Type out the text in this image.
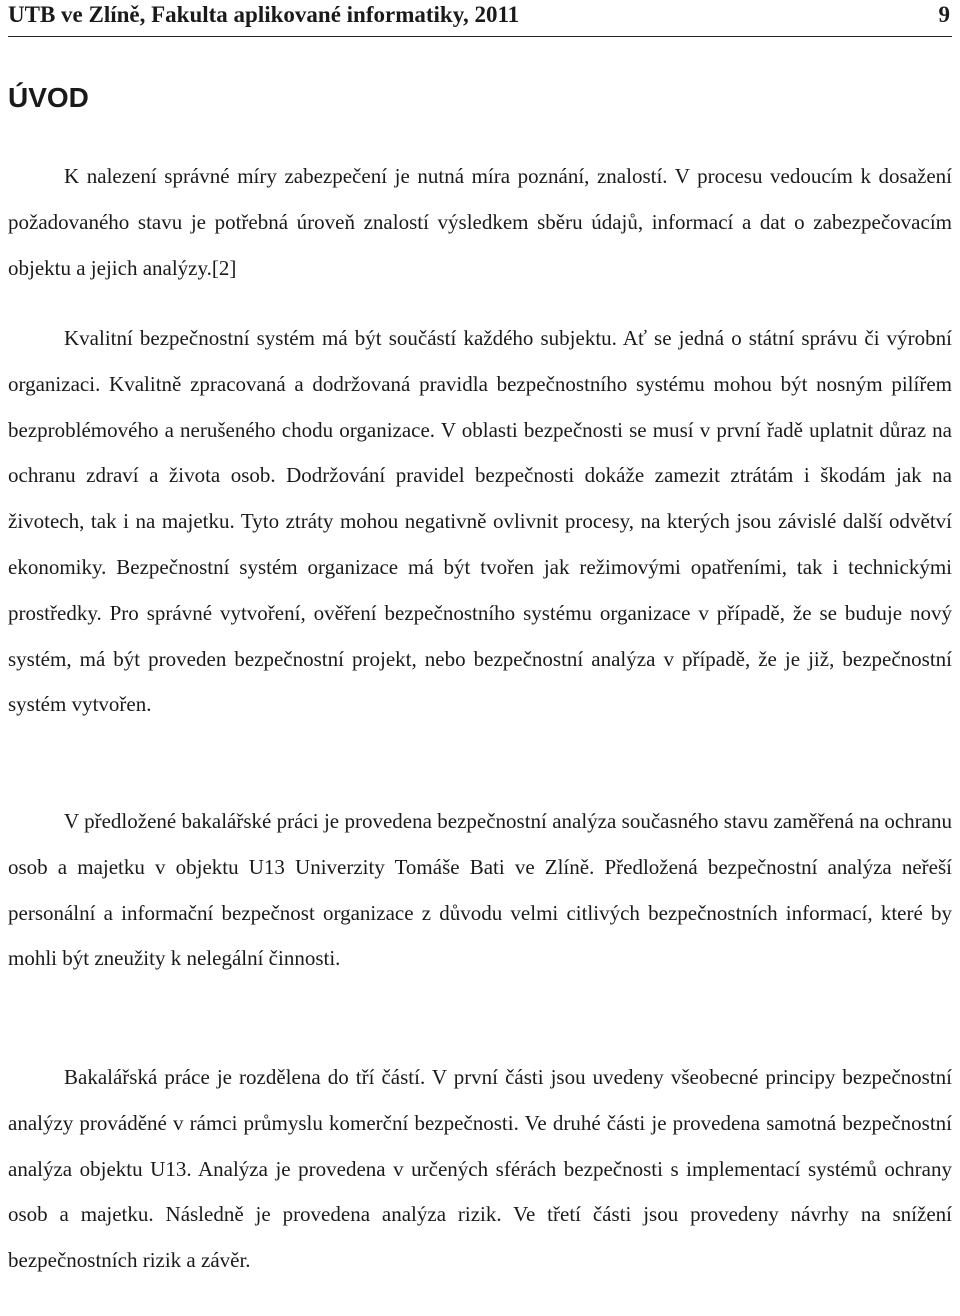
UTB ve Zlíně, Fakulta aplikované informatiky, 2011	9
ÚVOD

K nalezení správné míry zabezpečení je nutná míra poznání, znalostí. V procesu vedoucím k dosažení požadovaného stavu je potřebná úroveň znalostí výsledkem sběru údajů, informací a dat o zabezpečovacím objektu a jejich analýzy.[2]

Kvalitní bezpečnostní systém má být součástí každého subjektu. Ať se jedná o státní správu či výrobní organizaci. Kvalitně zpracovaná a dodržovaná pravidla bezpečnostního systému mohou být nosným pilířem bezproblémového a nerušeného chodu organizace. V oblasti bezpečnosti se musí v první řadě uplatnit důraz na ochranu zdraví a života osob. Dodržování pravidel bezpečnosti dokáže zamezit ztrátám i škodám jak na životech, tak i na majetku. Tyto ztráty mohou negativně ovlivnit procesy, na kterých jsou závislé další odvětví ekonomiky. Bezpečnostní systém organizace má být tvořen jak režimovými opatřeními, tak i technickými prostředky. Pro správné vytvoření, ověření bezpečnostního systému organizace v případě, že se buduje nový systém, má být proveden bezpečnostní projekt, nebo bezpečnostní analýza v případě, že je již, bezpečnostní systém vytvořen.

V předložené bakalářské práci je provedena bezpečnostní analýza současného stavu zaměřená na ochranu osob a majetku v objektu U13 Univerzity Tomáše Bati ve Zlíně. Předložená bezpečnostní analýza neřeší personální a informační bezpečnost organizace z důvodu velmi citlivých bezpečnostních informací, které by mohli být zneužity k nelegální činnosti.

Bakalářská práce je rozdělena do tří částí. V první části jsou uvedeny všeobecné principy bezpečnostní analýzy prováděné v rámci průmyslu komerční bezpečnosti. Ve druhé části je provedena samotná bezpečnostní analýza objektu U13. Analýza je provedena v určených sférách bezpečnosti s implementací systémů ochrany osob a majetku. Následně je provedena analýza rizik. Ve třetí části jsou provedeny návrhy na snížení bezpečnostních rizik a závěr.
